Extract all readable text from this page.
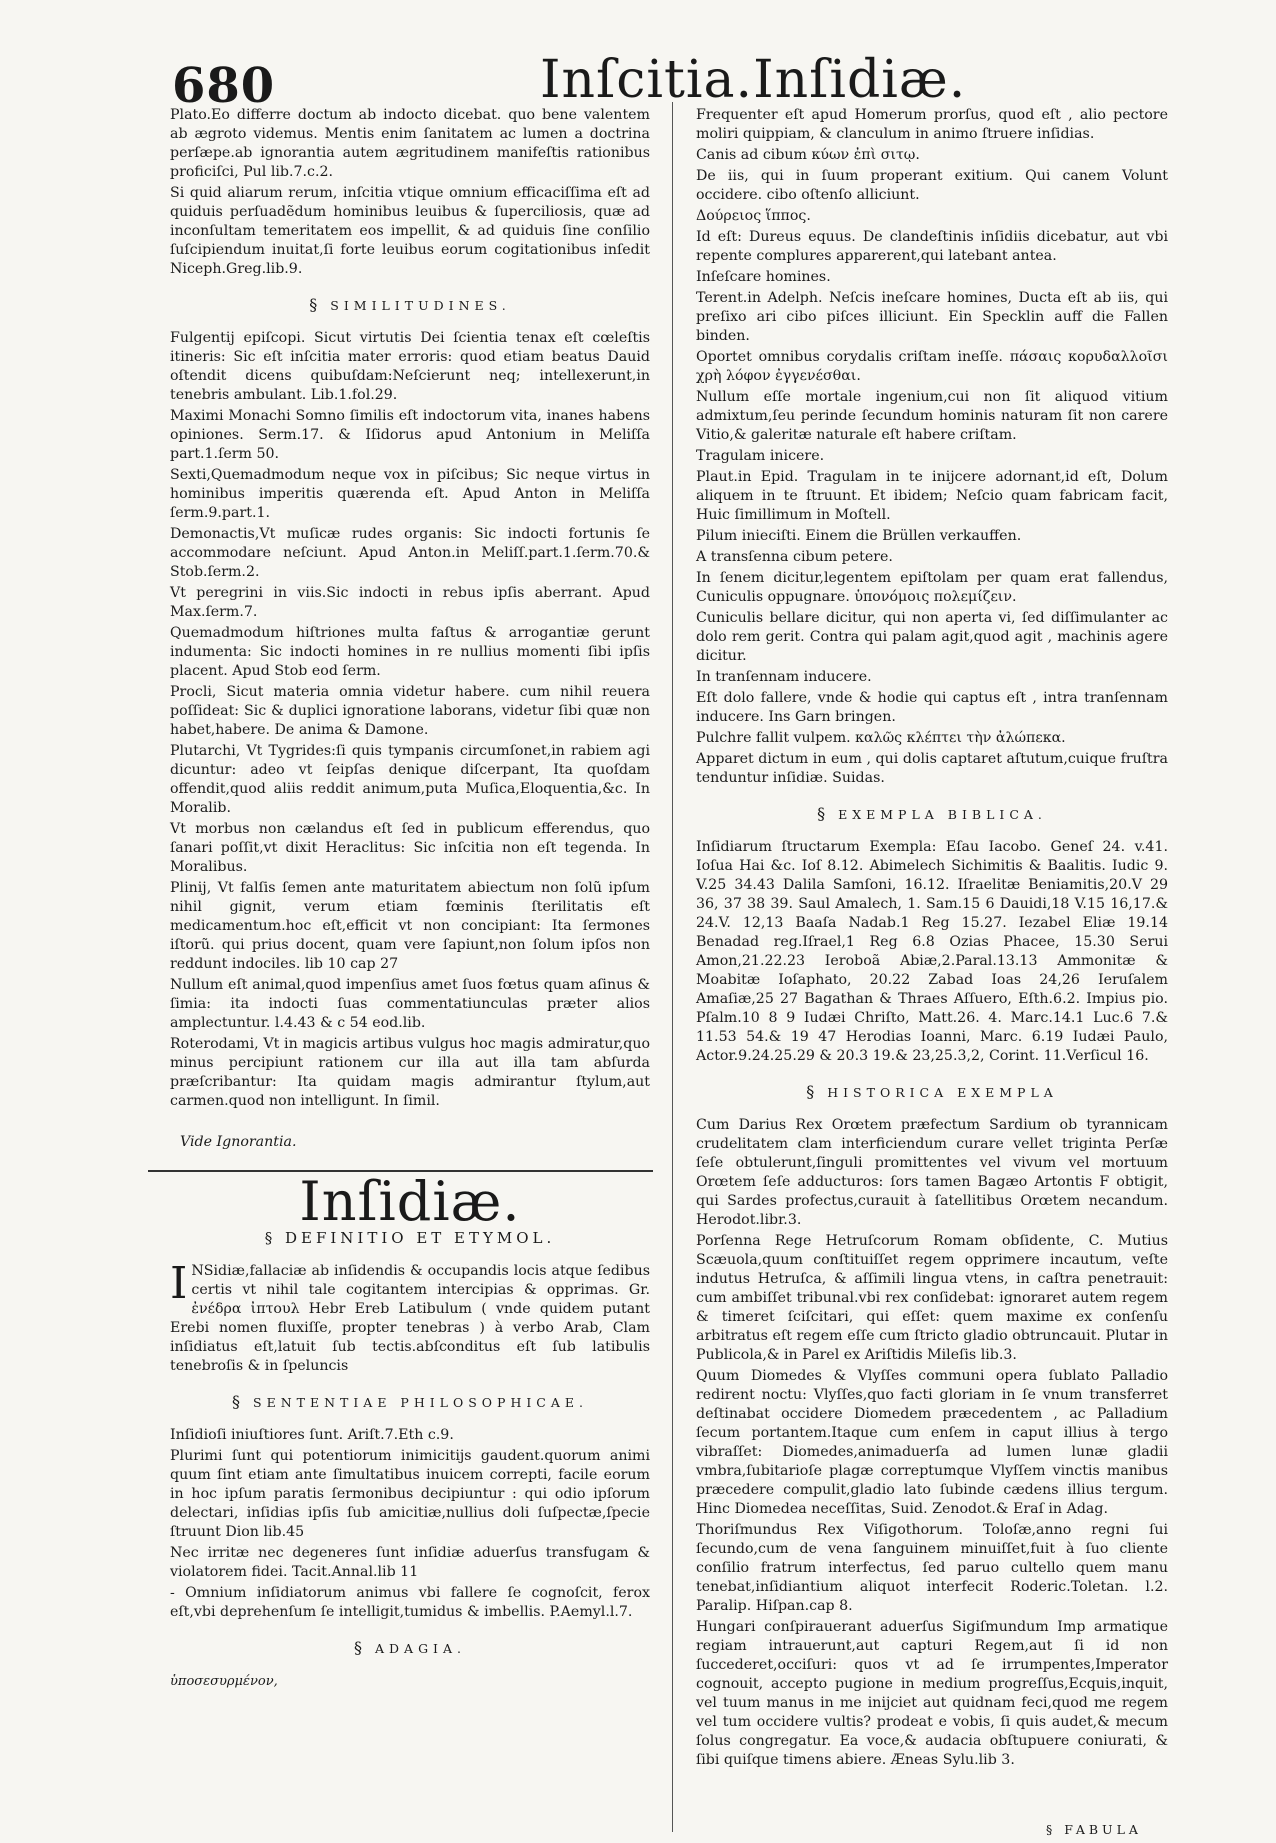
680	Inſcitia.Inſidiæ.

Plato.Eo differre doctum ab indocto dicebat. quo bene valentem ab ægroto videmus. Mentis enim ſanitatem ac lumen a doctrina perſæpe.ab ignorantia autem ægritudinem manifeſtis rationibus proficiſci, Pul lib.7.c.2.

Si quid aliarum rerum, inſcitia vtique omnium efficaciſſima eſt ad quiduis perſuadẽdum hominibus leuibus & ſuperciliosis, quæ ad inconſultam temeritatem eos impellit, & ad quiduis ſine conſilio ſuſcipiendum inuitat,ſi forte leuibus eorum cogitationibus inſedit Niceph.Greg.lib.9.

§ SIMILITUDINES.

Fulgentij epiſcopi. Sicut virtutis Dei ſcientia tenax eſt cœleſtis itineris: Sic eſt inſcitia mater erroris: quod etiam beatus Dauid oſtendit dicens quibuſdam:Neſcierunt neq; intellexerunt,in tenebris ambulant. Lib.1.fol.29.

Maximi Monachi Somno ſimilis eſt indoctorum vita, inanes habens opiniones. Serm.17. & Iſidorus apud Antonium in Meliſſa part.1.ſerm 50.

Sexti,Quemadmodum neque vox in piſcibus; Sic neque virtus in hominibus imperitis quærenda eſt. Apud Anton in Meliſſa ſerm.9.part.1.

Demonactis,Vt muſicæ rudes organis: Sic indocti fortunis ſe accommodare neſciunt. Apud Anton.in Meliſſ.part.1.ſerm.70.& Stob.ſerm.2.

Vt peregrini in viis.Sic indocti in rebus ipſis aberrant. Apud Max.ſerm.7.

Quemadmodum hiſtriones multa faſtus & arrogantiæ gerunt indumenta: Sic indocti homines in re nullius momenti ſibi ipſis placent. Apud Stob eod ſerm.

Procli, Sicut materia omnia videtur habere. cum nihil reuera poſſideat: Sic & duplici ignoratione laborans, videtur ſibi quæ non habet,habere. De anima & Damone.

Plutarchi, Vt Tygrides:ſi quis tympanis circumſonet,in rabiem agi dicuntur: adeo vt ſeipſas denique diſcerpant, Ita quoſdam offendit,quod aliis reddit animum,puta Muſica,Eloquentia,&c. In Moralib.

Vt morbus non cælandus eſt ſed in publicum efferendus, quo ſanari poſſit,vt dixit Heraclitus: Sic inſcitia non eſt tegenda. In Moralibus.

Plinij, Vt falſis ſemen ante maturitatem abiectum non ſolũ ipſum nihil gignit, verum etiam fœminis ſterilitatis eſt medicamentum.hoc eſt,efficit vt non concipiant: Ita ſermones iſtorũ. qui prius docent, quam vere ſapiunt,non ſolum ipſos non reddunt indociles. lib 10 cap 27

Nullum eſt animal,quod impenſius amet ſuos fœtus quam aſinus & ſimia: ita indocti ſuas commentatiunculas præter alios amplectuntur. l.4.43 & c 54 eod.lib.

Roterodami, Vt in magicis artibus vulgus hoc magis admiratur,quo minus percipiunt rationem cur illa aut illa tam abſurda præſcribantur: Ita quidam magis admirantur ſtylum,aut carmen.quod non intelligunt. In ſimil.

Vide Ignorantia.
Inſidiæ.
§ DEFINITIO ET ETYMOL.

I NSidiæ,fallaciæ ab inſidendis & occupandis locis atque ſedibus certis vt nihil tale cogitantem intercipias & opprimas. Gr. ἐνέδρα ἰπτουλ Hebr Ereb Latibulum ( vnde quidem putant Erebi nomen fluxiſſe, propter tenebras ) à verbo Arab, Clam inſidiatus eſt,latuit ſub tectis.abſconditus eſt ſub latibulis tenebroſis & in ſpeluncis

§ SENTENTIAE PHILOSOPHICAE.

Inſidioſi iniuſtiores ſunt. Ariſt.7.Eth c.9.

Plurimi ſunt qui potentiorum inimicitijs gaudent.quorum animi quum ſint etiam ante ſimultatibus inuicem correpti, facile eorum in hoc ipſum paratis ſermonibus decipiuntur : qui odio ipſorum delectari, inſidias ipſis ſub amicitiæ,nullius doli ſuſpectæ,ſpecie ſtruunt Dion lib.45

Nec irritæ nec degeneres ſunt inſidiæ aduerſus transfugam & violatorem fidei. Tacit.Annal.lib 11

- Omnium inſidiatorum animus vbi fallere ſe cognoſcit, ferox eſt,vbi deprehenſum ſe intelligit,tumidus & imbellis. P.Aemyl.l.7.

§ ADAGIA.
ὑποσεσυρμένον,

Frequenter eſt apud Homerum prorſus, quod eſt , alio pectore moliri quippiam, & clanculum in animo ſtruere inſidias.

Canis ad cibum κύων ἐπὶ σιτῳ.

De iis, qui in ſuum properant exitium. Qui canem Volunt occidere. cibo oſtenſo alliciunt.

Δούρειος ἵππος.

Id eſt: Dureus equus. De clandeſtinis inſidiis dicebatur, aut vbi repente complures apparerent,qui latebant antea.

Inſeſcare homines.

Terent.in Adelph. Neſcis ineſcare homines, Ducta eſt ab iis, qui preſixo ari cibo piſces illiciunt. Ein Specklin auff die Fallen binden.

Oportet omnibus corydalis criſtam ineſſe. πάσαις κορυδαλλοῖσι χρὴ λόφον ἐγγενέσθαι.

Nullum eſſe mortale ingenium,cui non ſit aliquod vitium admixtum,ſeu perinde ſecundum hominis naturam ſit non carere Vitio,& galeritæ naturale eſt habere criſtam.

Tragulam inicere.

Plaut.in Epid. Tragulam in te inijcere adornant,id eſt, Dolum aliquem in te ſtruunt. Et ibidem; Neſcio quam fabricam facit, Huic ſimillimum in Moſtell.

Pilum inieciſti. Einem die Brüllen verkauffen.

A transſenna cibum petere.

In ſenem dicitur,legentem epiſtolam per quam erat fallendus, Cuniculis oppugnare. ὑπονόμοις πολεμίζειν.

Cuniculis bellare dicitur, qui non aperta vi, ſed diſſimulanter ac dolo rem gerit. Contra qui palam agit,quod agit , machinis agere dicitur.

In tranſennam inducere.

Eſt dolo fallere, vnde & hodie qui captus eſt , intra tranſennam inducere. Ins Garn bringen.

Pulchre fallit vulpem. καλῶς κλέπτει τὴν ἀλώπεκα.

Apparet dictum in eum , qui dolis captaret aſtutum,cuique fruſtra tenduntur inſidiæ. Suidas.

§ EXEMPLA BIBLICA.

Inſidiarum ſtructarum Exempla: Eſau Iacobo. Geneſ 24. v.41. Ioſua Hai &c. Ioſ 8.12. Abimelech Sichimitis & Baalitis. Iudic 9. V.25 34.43 Dalila Samſoni, 16.12. Iſraelitæ Beniamitis,20.V 29 36, 37 38 39. Saul Amalech, 1. Sam.15 6 Dauidi,18 V.15 16,17.& 24.V. 12,13 Baaſa Nadab.1 Reg 15.27. Iezabel Eliæ 19.14 Benadad reg.Iſrael,1 Reg 6.8 Ozias Phacee, 15.30 Serui Amon,21.22.23 Ieroboã Abiæ,2.Paral.13.13 Ammonitæ & Moabitæ Ioſaphato, 20.22 Zabad Ioas 24,26 Ieruſalem Amaſiæ,25 27 Bagathan & Thraes Aſſuero, Eſth.6.2. Impius pio. Pſalm.10 8 9 Iudæi Chriſto, Matt.26. 4. Marc.14.1 Luc.6 7.& 11.53 54.& 19 47 Herodias Ioanni, Marc. 6.19 Iudæi Paulo, Actor.9.24.25.29 & 20.3 19.& 23,25.3,2, Corint. 11.Verſicul 16.

§ HISTORICA EXEMPLA

Cum Darius Rex Orœtem præfectum Sardium ob tyrannicam crudelitatem clam interficiendum curare vellet triginta Perſæ ſeſe obtulerunt,ſinguli promittentes vel vivum vel mortuum Orœtem ſeſe adducturos: ſors tamen Bagæo Artontis F obtigit, qui Sardes profectus,curauit à ſatellitibus Orœtem necandum. Herodot.libr.3.

Porſenna Rege Hetruſcorum Romam obſidente, C. Mutius Scæuola,quum conſtituiſſet regem opprimere incautum, veſte indutus Hetruſca, & aſſimili lingua vtens, in caſtra penetrauit: cum ambiſſet tribunal.vbi rex conſidebat: ignoraret autem regem & timeret ſciſcitari, qui eſſet: quem maxime ex conſenſu arbitratus eſt regem eſſe cum ſtricto gladio obtruncauit. Plutar in Publicola,& in Parel ex Ariſtidis Mileſis lib.3.

Quum Diomedes & Vlyſſes communi opera ſublato Palladio redirent noctu: Vlyſſes,quo facti gloriam in ſe vnum transferret deſtinabat occidere Diomedem præcedentem , ac Palladium ſecum portantem.Itaque cum enſem in caput illius à tergo vibraſſet: Diomedes,animaduerſa ad lumen lunæ gladii vmbra,ſubitarioſe plagæ correptumque Vlyſſem vinctis manibus præcedere compulit,gladio lato ſubinde cædens illius tergum. Hinc Diomedea neceſſitas, Suid. Zenodot.& Eraſ in Adag.

Thoriſmundus Rex Viſigothorum. Toloſæ,anno regni ſui ſecundo,cum de vena ſanguinem minuiſſet,fuit à ſuo cliente conſilio fratrum interfectus, ſed paruo cultello quem manu tenebat,inſidiantium aliquot interfecit Roderic.Toletan. l.2. Paralip. Hiſpan.cap 8.

Hungari conſpirauerant aduerſus Sigiſmundum Imp armatique regiam intrauerunt,aut capturi Regem,aut ſi id non ſuccederet,occiſuri: quos vt ad ſe irrumpentes,Imperator cognouit, accepto pugione in medium progreſſus,Ecquis,inquit, vel tuum manus in me inijciet aut quidnam feci,quod me regem vel tum occidere vultis? prodeat e vobis, ſi quis audet,& mecum ſolus congregatur. Ea voce,& audacia obſtupuere coniurati, & ſibi quiſque timens abiere. Æneas Sylu.lib 3.

§ FABULA
